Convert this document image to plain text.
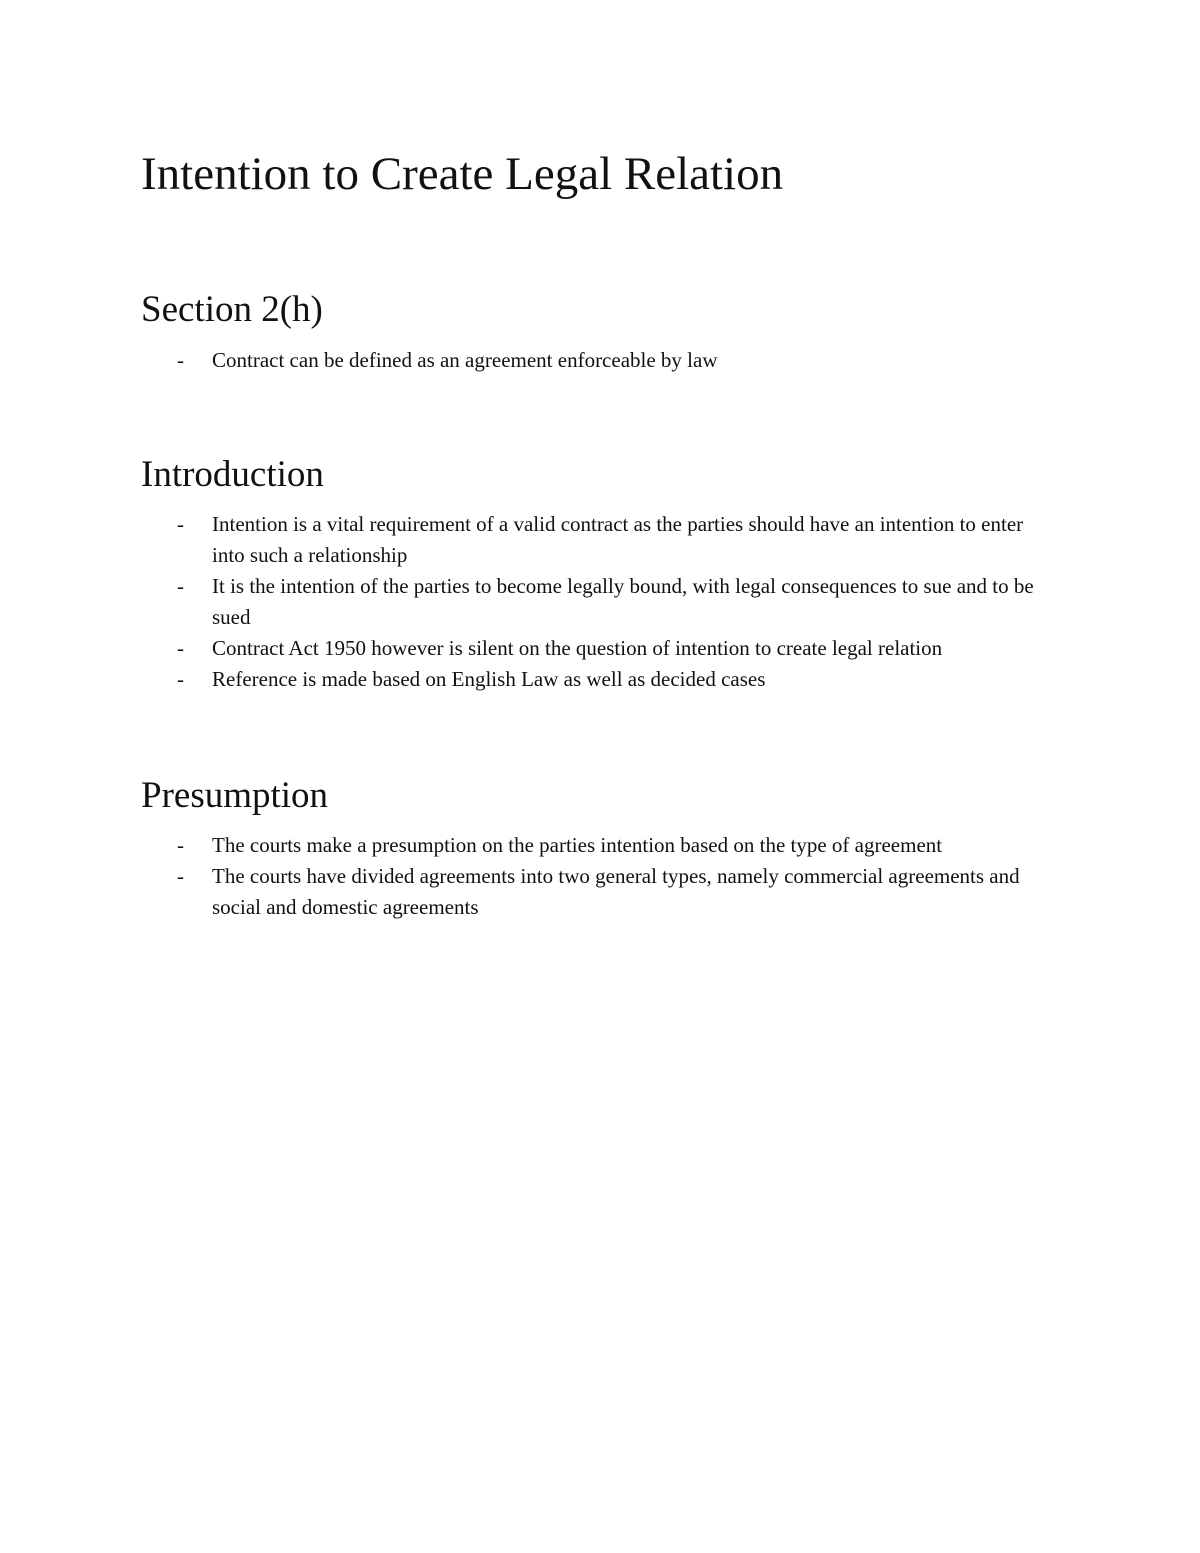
Intention to Create Legal Relation
Section 2(h)
- Contract can be defined as an agreement enforceable by law
Introduction
- Intention is a vital requirement of a valid contract as the parties should have an intention to enter into such a relationship
- It is the intention of the parties to become legally bound, with legal consequences to sue and to be sued
- Contract Act 1950 however is silent on the question of intention to create legal relation
- Reference is made based on English Law as well as decided cases
Presumption
- The courts make a presumption on the parties intention based on the type of agreement
- The courts have divided agreements into two general types, namely commercial agreements and social and domestic agreements
